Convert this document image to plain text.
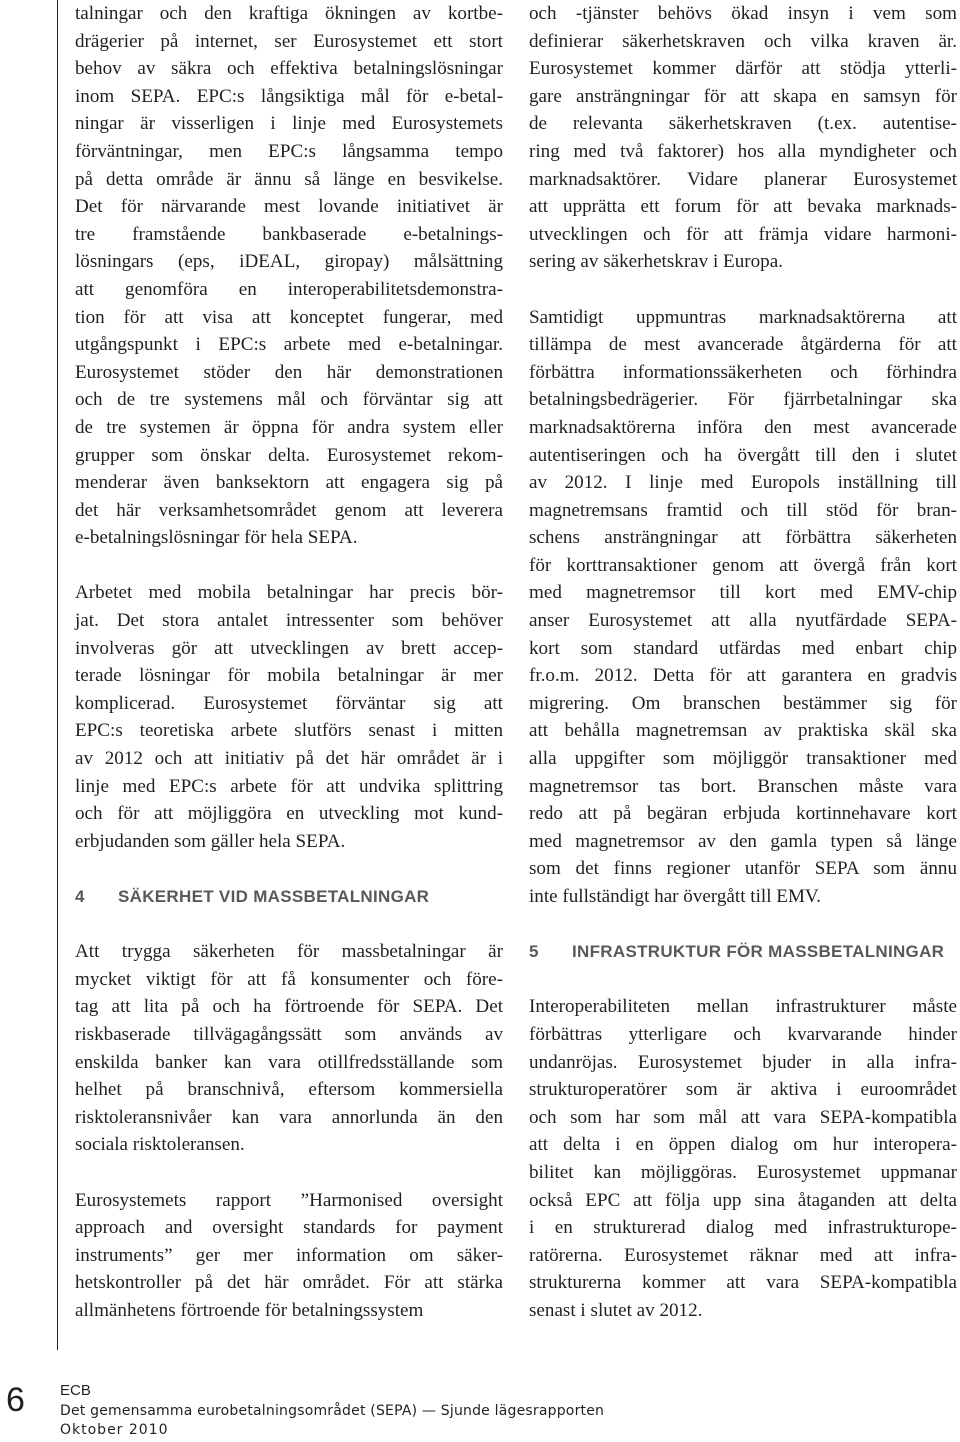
talningar och den kraftiga ökningen av kortbe-
drägerier på internet, ser Eurosystemet ett stort
behov av säkra och effektiva betalningslösningar
inom SEPA. EPC:s långsiktiga mål för e-betal-
ningar är visserligen i linje med Eurosystemets
förväntningar, men EPC:s långsamma tempo
på detta område är ännu så länge en besvikelse.
Det för närvarande mest lovande initiativet är
tre framstående bankbaserade e-betalnings-
lösningars (eps, iDEAL, giropay) målsättning
att genomföra en interoperabilitetsdemonstra-
tion för att visa att konceptet fungerar, med
utgångspunkt i EPC:s arbete med e-betalningar.
Eurosystemet stöder den här demonstrationen
och de tre systemens mål och förväntar sig att
de tre systemen är öppna för andra system eller
grupper som önskar delta. Eurosystemet rekom-
menderar även banksektorn att engagera sig på
det här verksamhetsområdet genom att leverera
e-betalningslösningar för hela SEPA.

Arbetet med mobila betalningar har precis bör-
jat. Det stora antalet intressenter som behöver
involveras gör att utvecklingen av brett accep-
terade lösningar för mobila betalningar är mer
komplicerad. Eurosystemet förväntar sig att
EPC:s teoretiska arbete slutförs senast i mitten
av 2012 och att initiativ på det här området är i
linje med EPC:s arbete för att undvika splittring
och för att möjliggöra en utveckling mot kund-
erbjudanden som gäller hela SEPA.

4 SÄKERHET VID MASSBETALNINGAR

Att trygga säkerheten för massbetalningar är
mycket viktigt för att få konsumenter och före-
tag att lita på och ha förtroende för SEPA. Det
riskbaserade tillvägagångssätt som används av
enskilda banker kan vara otillfredsställande som
helhet på branschnivå, eftersom kommersiella
risktoleransnivåer kan vara annorlunda än den
sociala risktoleransen.

Eurosystemets rapport ”Harmonised oversight
approach and oversight standards for payment
instruments” ger mer information om säker-
hetskontroller på det här området. För att stärka
allmänhetens förtroende för betalningssystem

och -tjänster behövs ökad insyn i vem som
definierar säkerhetskraven och vilka kraven är.
Eurosystemet kommer därför att stödja ytterli-
gare ansträngningar för att skapa en samsyn för
de relevanta säkerhetskraven (t.ex. autentise-
ring med två faktorer) hos alla myndigheter och
marknadsaktörer. Vidare planerar Eurosystemet
att upprätta ett forum för att bevaka marknads-
utvecklingen och för att främja vidare harmoni-
sering av säkerhetskrav i Europa.

Samtidigt uppmuntras marknadsaktörerna att
tillämpa de mest avancerade åtgärderna för att
förbättra informationssäkerheten och förhindra
betalningsbedrägerier. För fjärrbetalningar ska
marknadsaktörerna införa den mest avancerade
autentiseringen och ha övergått till den i slutet
av 2012. I linje med Europols inställning till
magnetremsans framtid och till stöd för bran-
schens ansträngningar att förbättra säkerheten
för korttransaktioner genom att övergå från kort
med magnetremsor till kort med EMV-chip
anser Eurosystemet att alla nyutfärdade SEPA-
kort som standard utfärdas med enbart chip
fr.o.m. 2012. Detta för att garantera en gradvis
migrering. Om branschen bestämmer sig för
att behålla magnetremsan av praktiska skäl ska
alla uppgifter som möjliggör transaktioner med
magnetremsor tas bort. Branschen måste vara
redo att på begäran erbjuda kortinnehavare kort
med magnetremsor av den gamla typen så länge
som det finns regioner utanför SEPA som ännu
inte fullständigt har övergått till EMV.

5 INFRASTRUKTUR FÖR MASSBETALNINGAR

Interoperabiliteten mellan infrastrukturer måste
förbättras ytterligare och kvarvarande hinder
undanröjas. Eurosystemet bjuder in alla infra-
strukturoperatörer som är aktiva i euroområdet
och som har som mål att vara SEPA-kompatibla
att delta i en öppen dialog om hur interopera-
bilitet kan möjliggöras. Eurosystemet uppmanar
också EPC att följa upp sina åtaganden att delta
i en strukturerad dialog med infrastrukturope-
ratörerna. Eurosystemet räknar med att infra-
strukturerna kommer att vara SEPA-kompatibla
senast i slutet av 2012.

6 ECB
Det gemensamma eurobetalningsområdet (SEPA) — Sjunde lägesrapporten
Oktober 2010
